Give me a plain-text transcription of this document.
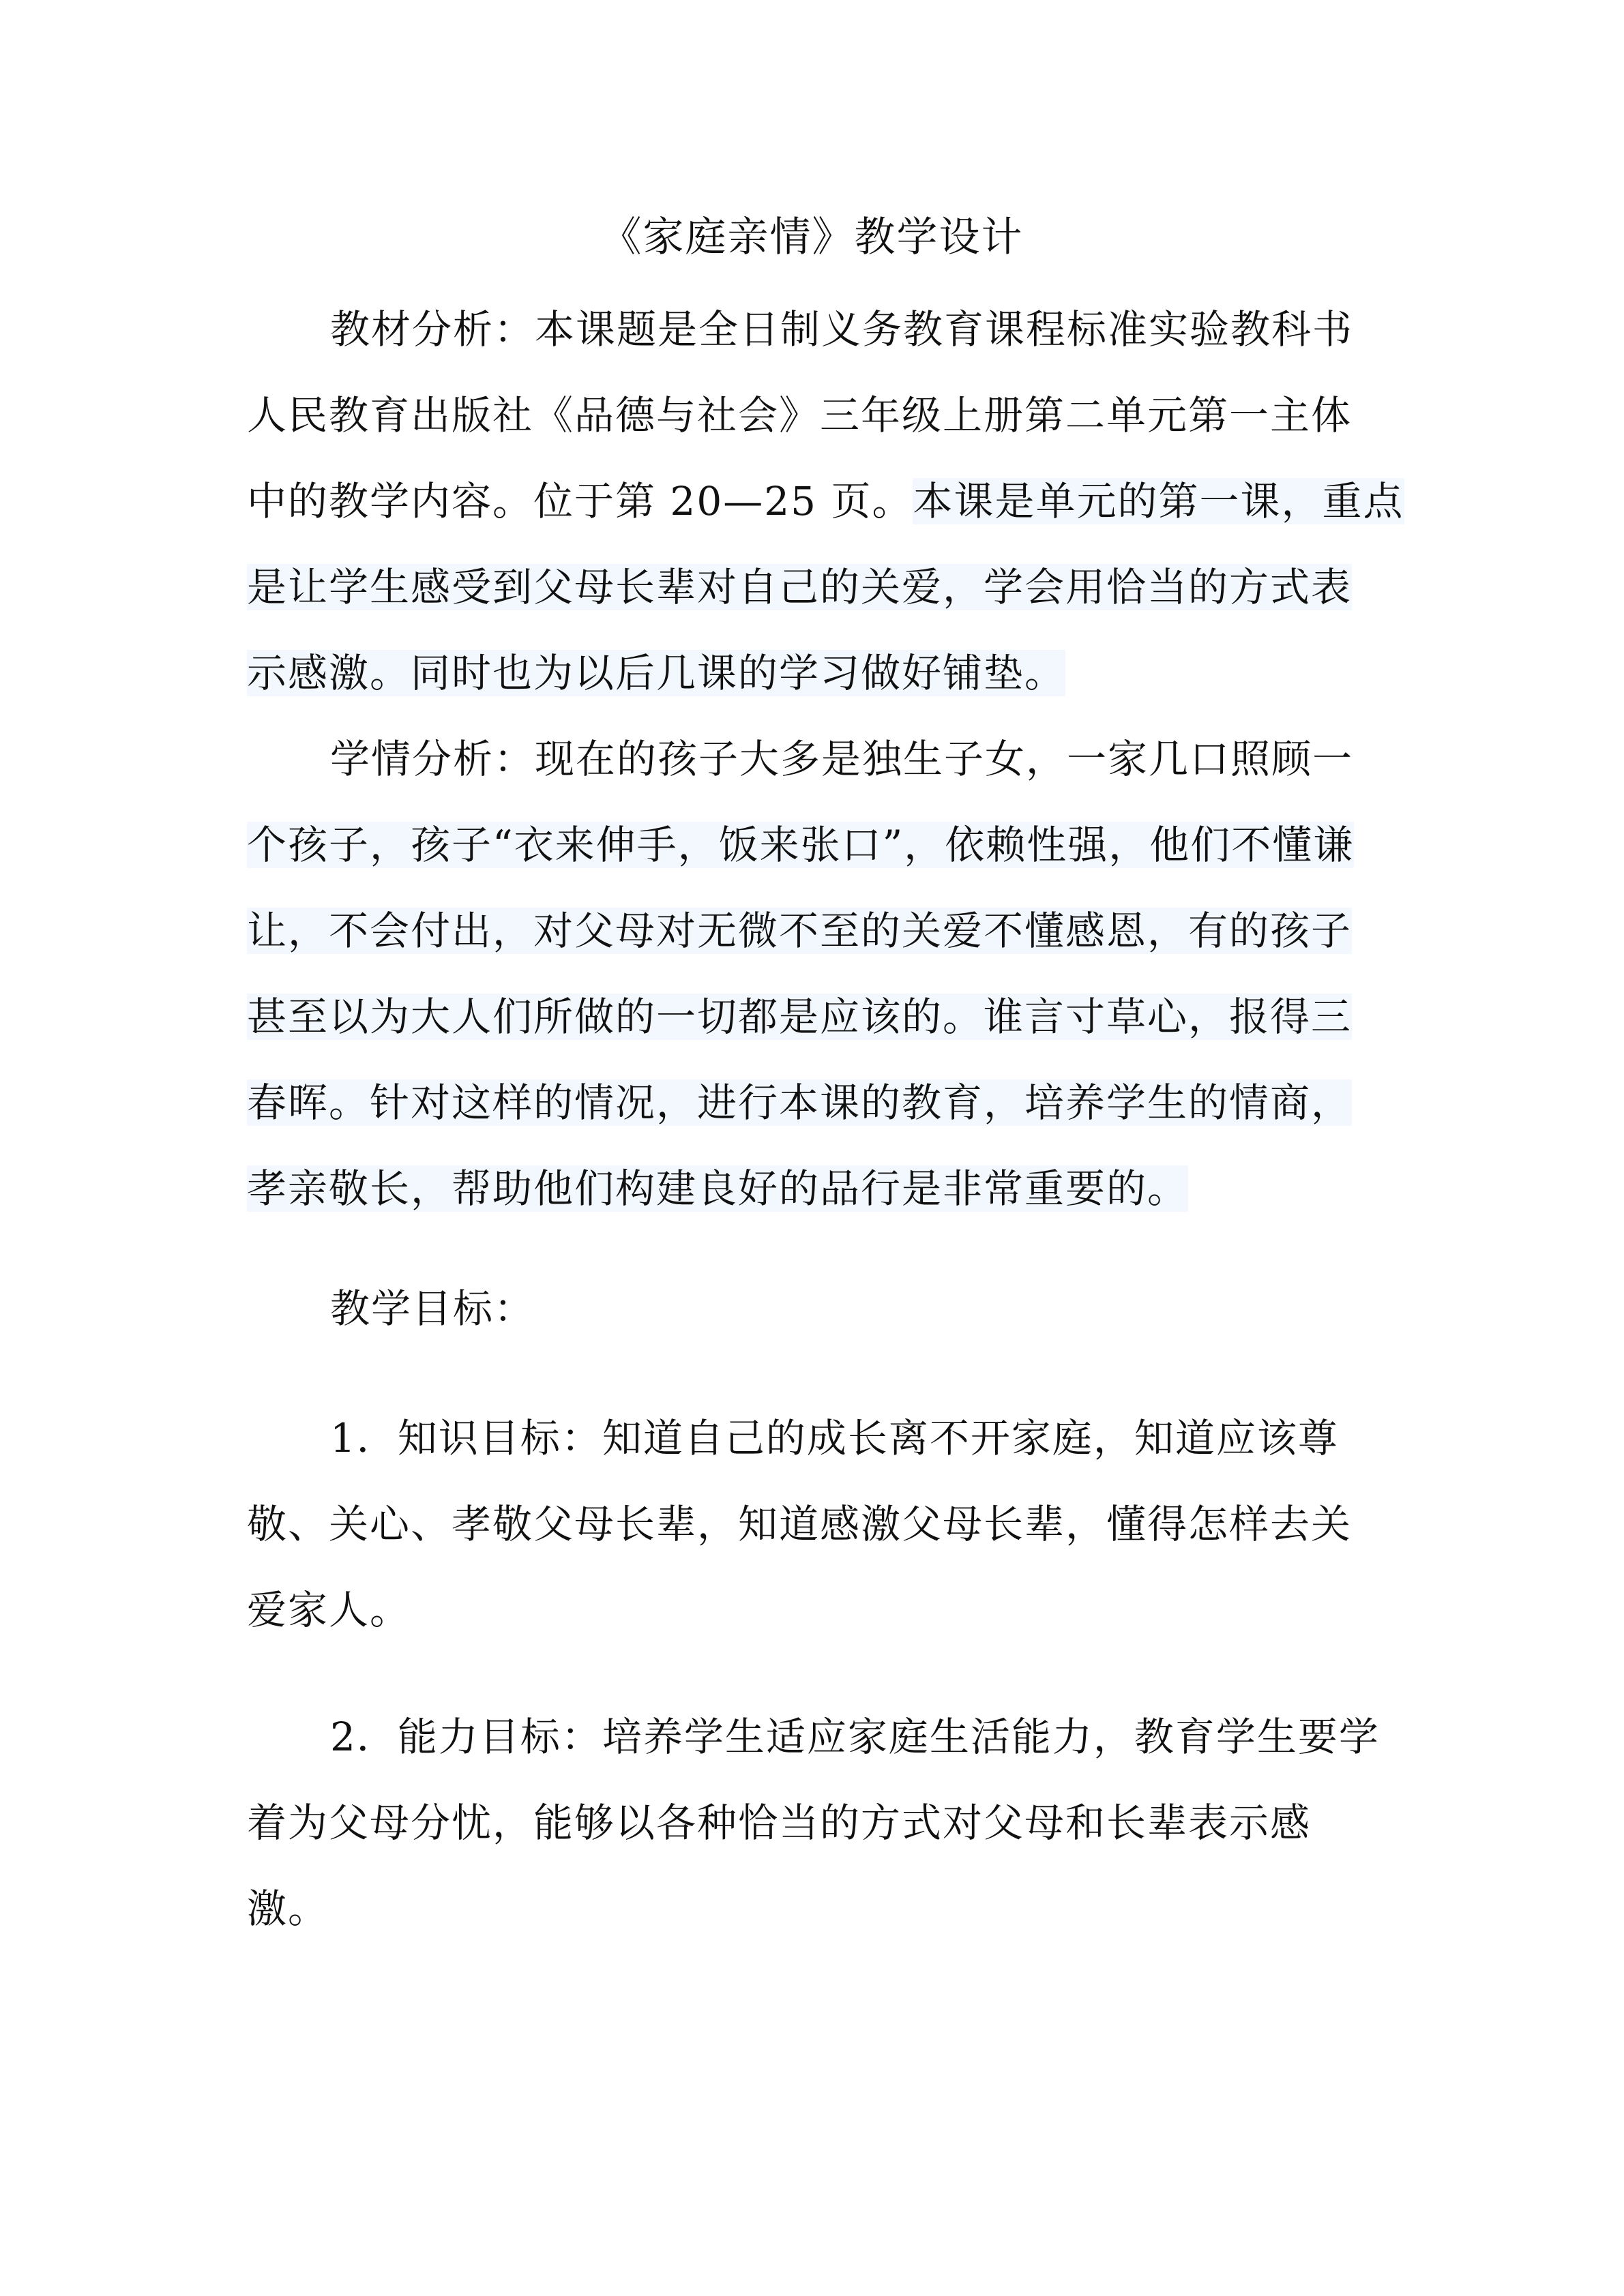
《家庭亲情》教学设计
教材分析：本课题是全日制义务教育课程标准实验教科书
人民教育出版社《品德与社会》三年级上册第二单元第一主体
中的教学内容。位于第 20—25 页。本课是单元的第一课，重点
是让学生感受到父母长辈对自己的关爱，学会用恰当的方式表
示感激。同时也为以后几课的学习做好铺垫。
学情分析：现在的孩子大多是独生子女，一家几口照顾一
个孩子，孩子“衣来伸手，饭来张口”，依赖性强，他们不懂谦
让，不会付出，对父母对无微不至的关爱不懂感恩，有的孩子
甚至以为大人们所做的一切都是应该的。谁言寸草心，报得三
春晖。针对这样的情况，进行本课的教育，培养学生的情商，
孝亲敬长，帮助他们构建良好的品行是非常重要的。
教学目标：
1．知识目标：知道自己的成长离不开家庭，知道应该尊
敬、关心、孝敬父母长辈，知道感激父母长辈，懂得怎样去关
爱家人。
2．能力目标：培养学生适应家庭生活能力，教育学生要学
着为父母分忧，能够以各种恰当的方式对父母和长辈表示感
激。
